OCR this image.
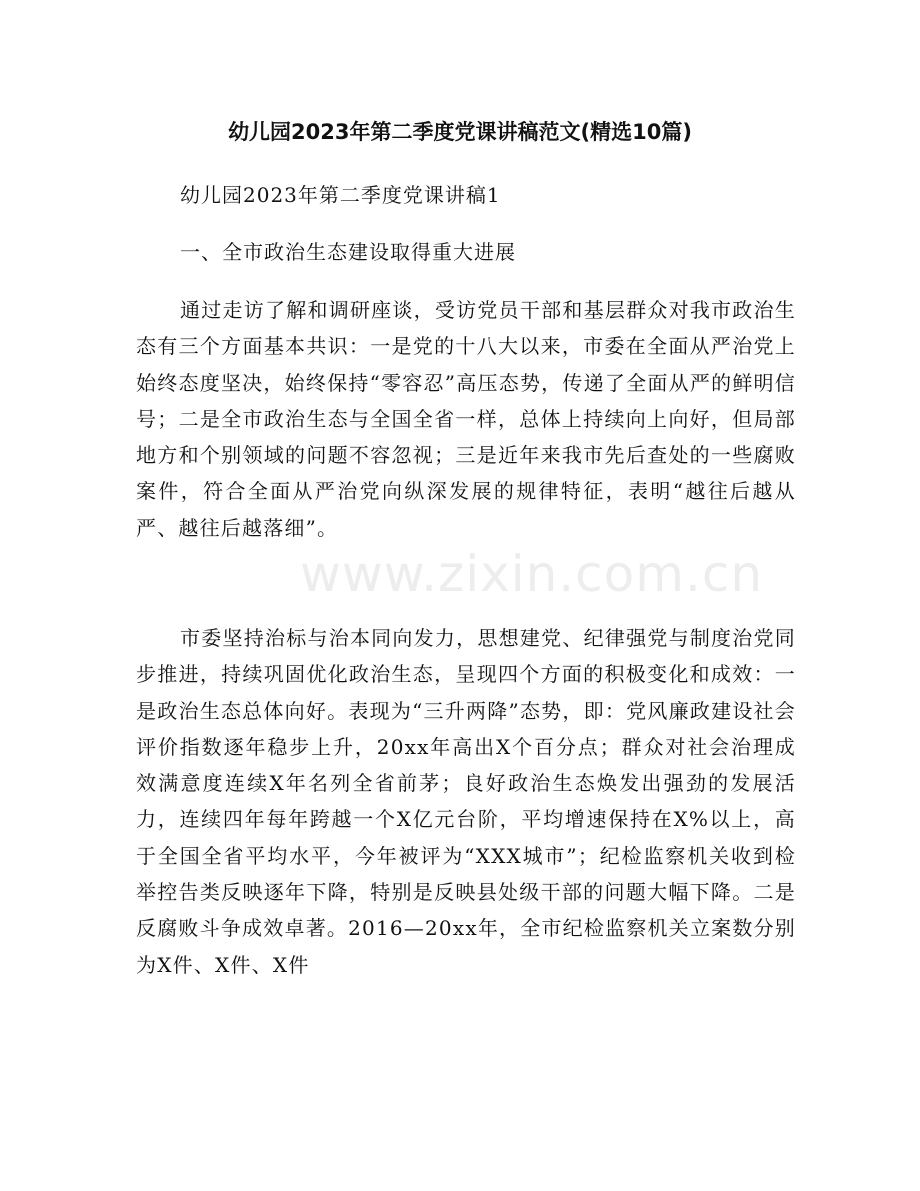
幼儿园2023年第二季度党课讲稿范文(精选10篇)
幼儿园2023年第二季度党课讲稿1
一、全市政治生态建设取得重大进展

通过走访了解和调研座谈，受访党员干部和基层群众对我市政治生态有三个方面基本共识：一是党的十八大以来，市委在全面从严治党上始终态度坚决，始终保持“零容忍”高压态势，传递了全面从严的鲜明信号；二是全市政治生态与全国全省一样，总体上持续向上向好，但局部地方和个别领域的问题不容忽视；三是近年来我市先后查处的一些腐败案件，符合全面从严治党向纵深发展的规律特征，表明“越往后越从严、越往后越落细”。

市委坚持治标与治本同向发力，思想建党、纪律强党与制度治党同步推进，持续巩固优化政治生态，呈现四个方面的积极变化和成效：一是政治生态总体向好。表现为“三升两降”态势，即：党风廉政建设社会评价指数逐年稳步上升，20xx年高出X个百分点；群众对社会治理成效满意度连续X年名列全省前茅；良好政治生态焕发出强劲的发展活力，连续四年每年跨越一个X亿元台阶，平均增速保持在X%以上，高于全国全省平均水平，今年被评为“XXX城市”；纪检监察机关收到检举控告类反映逐年下降，特别是反映县处级干部的问题大幅下降。二是反腐败斗争成效卓著。2016—20xx年，全市纪检监察机关立案数分别为X件、X件、X件

www.zixin.com.cn
